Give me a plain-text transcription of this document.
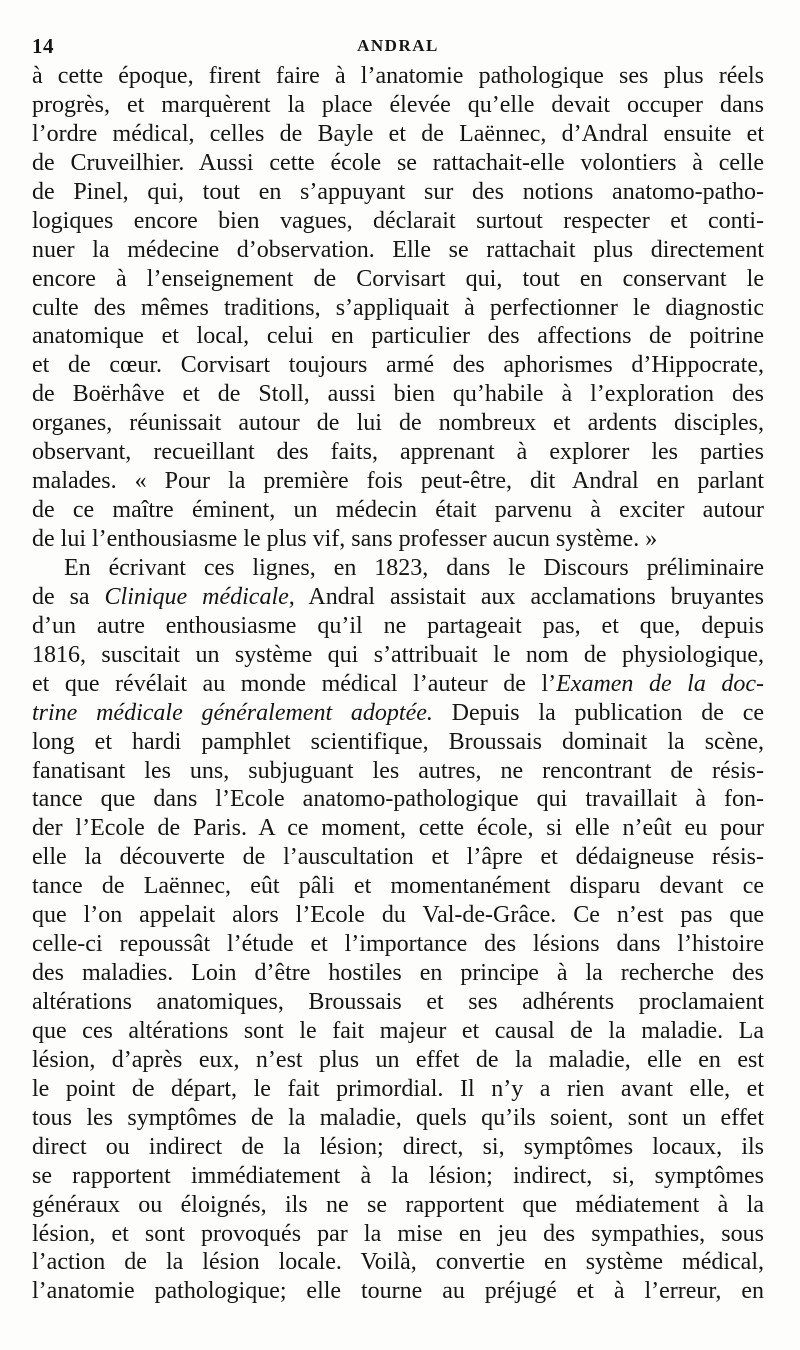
14	ANDRAL
à cette époque, firent faire à l’anatomie pathologique ses plus réels
progrès, et marquèrent la place élevée qu’elle devait occuper dans
l’ordre médical, celles de Bayle et de Laënnec, d’Andral ensuite et
de Cruveilhier. Aussi cette école se rattachait-elle volontiers à celle
de Pinel, qui, tout en s’appuyant sur des notions anatomo-patho-
logiques encore bien vagues, déclarait surtout respecter et conti-
nuer la médecine d’observation. Elle se rattachait plus directement
encore à l’enseignement de Corvisart qui, tout en conservant le
culte des mêmes traditions, s’appliquait à perfectionner le diagnostic
anatomique et local, celui en particulier des affections de poitrine
et de cœur. Corvisart toujours armé des aphorismes d’Hippocrate,
de Boërhâve et de Stoll, aussi bien qu’habile à l’exploration des
organes, réunissait autour de lui de nombreux et ardents disciples,
observant, recueillant des faits, apprenant à explorer les parties
malades. « Pour la première fois peut-être, dit Andral en parlant
de ce maître éminent, un médecin était parvenu à exciter autour
de lui l’enthousiasme le plus vif, sans professer aucun système. »
En écrivant ces lignes, en 1823, dans le Discours préliminaire
de sa Clinique médicale, Andral assistait aux acclamations bruyantes
d’un autre enthousiasme qu’il ne partageait pas, et que, depuis
1816, suscitait un système qui s’attribuait le nom de physiologique,
et que révélait au monde médical l’auteur de l’Examen de la doc-
trine médicale généralement adoptée. Depuis la publication de ce
long et hardi pamphlet scientifique, Broussais dominait la scène,
fanatisant les uns, subjuguant les autres, ne rencontrant de résis-
tance que dans l’Ecole anatomo-pathologique qui travaillait à fon-
der l’Ecole de Paris. A ce moment, cette école, si elle n’eût eu pour
elle la découverte de l’auscultation et l’âpre et dédaigneuse résis-
tance de Laënnec, eût pâli et momentanément disparu devant ce
que l’on appelait alors l’Ecole du Val-de-Grâce. Ce n’est pas que
celle-ci repoussât l’étude et l’importance des lésions dans l’histoire
des maladies. Loin d’être hostiles en principe à la recherche des
altérations anatomiques, Broussais et ses adhérents proclamaient
que ces altérations sont le fait majeur et causal de la maladie. La
lésion, d’après eux, n’est plus un effet de la maladie, elle en est
le point de départ, le fait primordial. Il n’y a rien avant elle, et
tous les symptômes de la maladie, quels qu’ils soient, sont un effet
direct ou indirect de la lésion; direct, si, symptômes locaux, ils
se rapportent immédiatement à la lésion; indirect, si, symptômes
généraux ou éloignés, ils ne se rapportent que médiatement à la
lésion, et sont provoqués par la mise en jeu des sympathies, sous
l’action de la lésion locale. Voilà, convertie en système médical,
l’anatomie pathologique; elle tourne au préjugé et à l’erreur, en
